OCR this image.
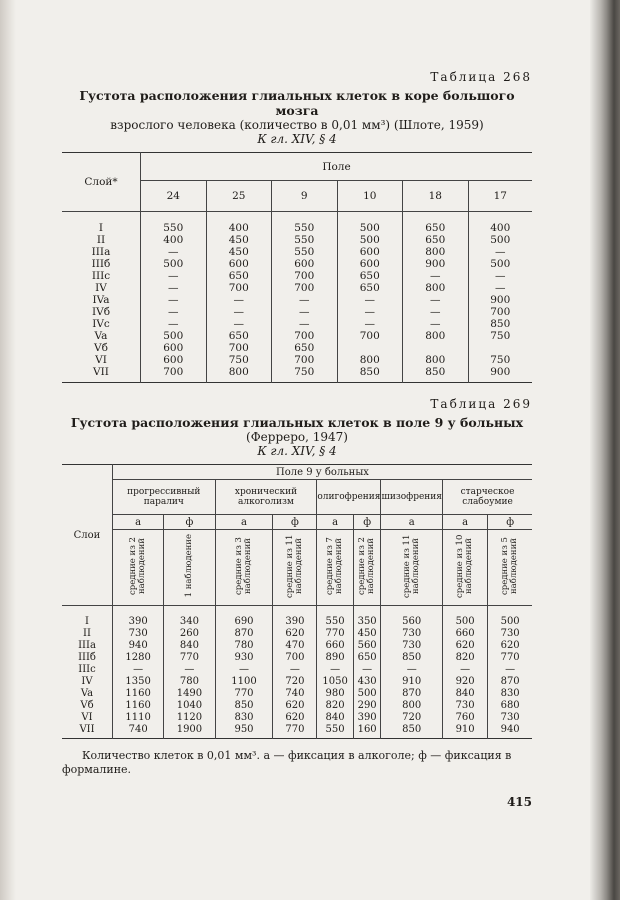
Таблица 268

Густота расположения глиальных клеток в коре большого мозга

взрослого человека (количество в 0,01 мм³) (Шлоте, 1959)

К гл. XIV, § 4

Слой*	Поле					
	24	25	9	10	18	17
I	550	400	550	500	650	400
II	400	450	550	500	650	500
IIIa	—	450	550	600	800	—
IIIб	500	600	600	600	900	500
IIIc	—	650	700	650	—	—
IV	—	700	700	650	800	—
IVa	—	—	—	—	—	900
IVб	—	—	—	—	—	700
IVc	—	—	—	—	—	850
Va	500	650	700	700	800	750
Vб	600	700	650			
VI	600	750	700	800	800	750
VII	700	800	750	850	850	900

Таблица 269

Густота расположения глиальных клеток в поле 9 у больных

(Ферреро, 1947)

К гл. XIV, § 4

Слои	Поле 9 у больных								
	прогрессивный паралич		хронический алкоголизм		олигофрения		шизофрения	старческое слабоумие	
	а	ф	а	ф	а	ф	а	а	ф
	средние из 2 наблюдений	1 наблюдение	средние из 3 наблюдений	средние из 11 наблюдений	средние из 7 наблюдений	средние из 2 наблюдений	средние из 11 наблюдений	средние из 10 наблюдений	средние из 5 наблюдений
I	390	340	690	390	550	350	560	500	500
II	730	260	870	620	770	450	730	660	730
IIIa	940	840	780	470	660	560	730	620	620
IIIб	1280	770	930	700	890	650	850	820	770
IIIc	—	—	—	—	—	—	—	—	—
IV	1350	780	1100	720	1050	430	910	920	870
Va	1160	1490	770	740	980	500	870	840	830
Vб	1160	1040	850	620	820	290	800	730	680
VI	1110	1120	830	620	840	390	720	760	730
VII	740	1900	950	770	550	160	850	910	940

Количество клеток в 0,01 мм³. а — фиксация в алкоголе; ф — фиксация в формалине.

415
